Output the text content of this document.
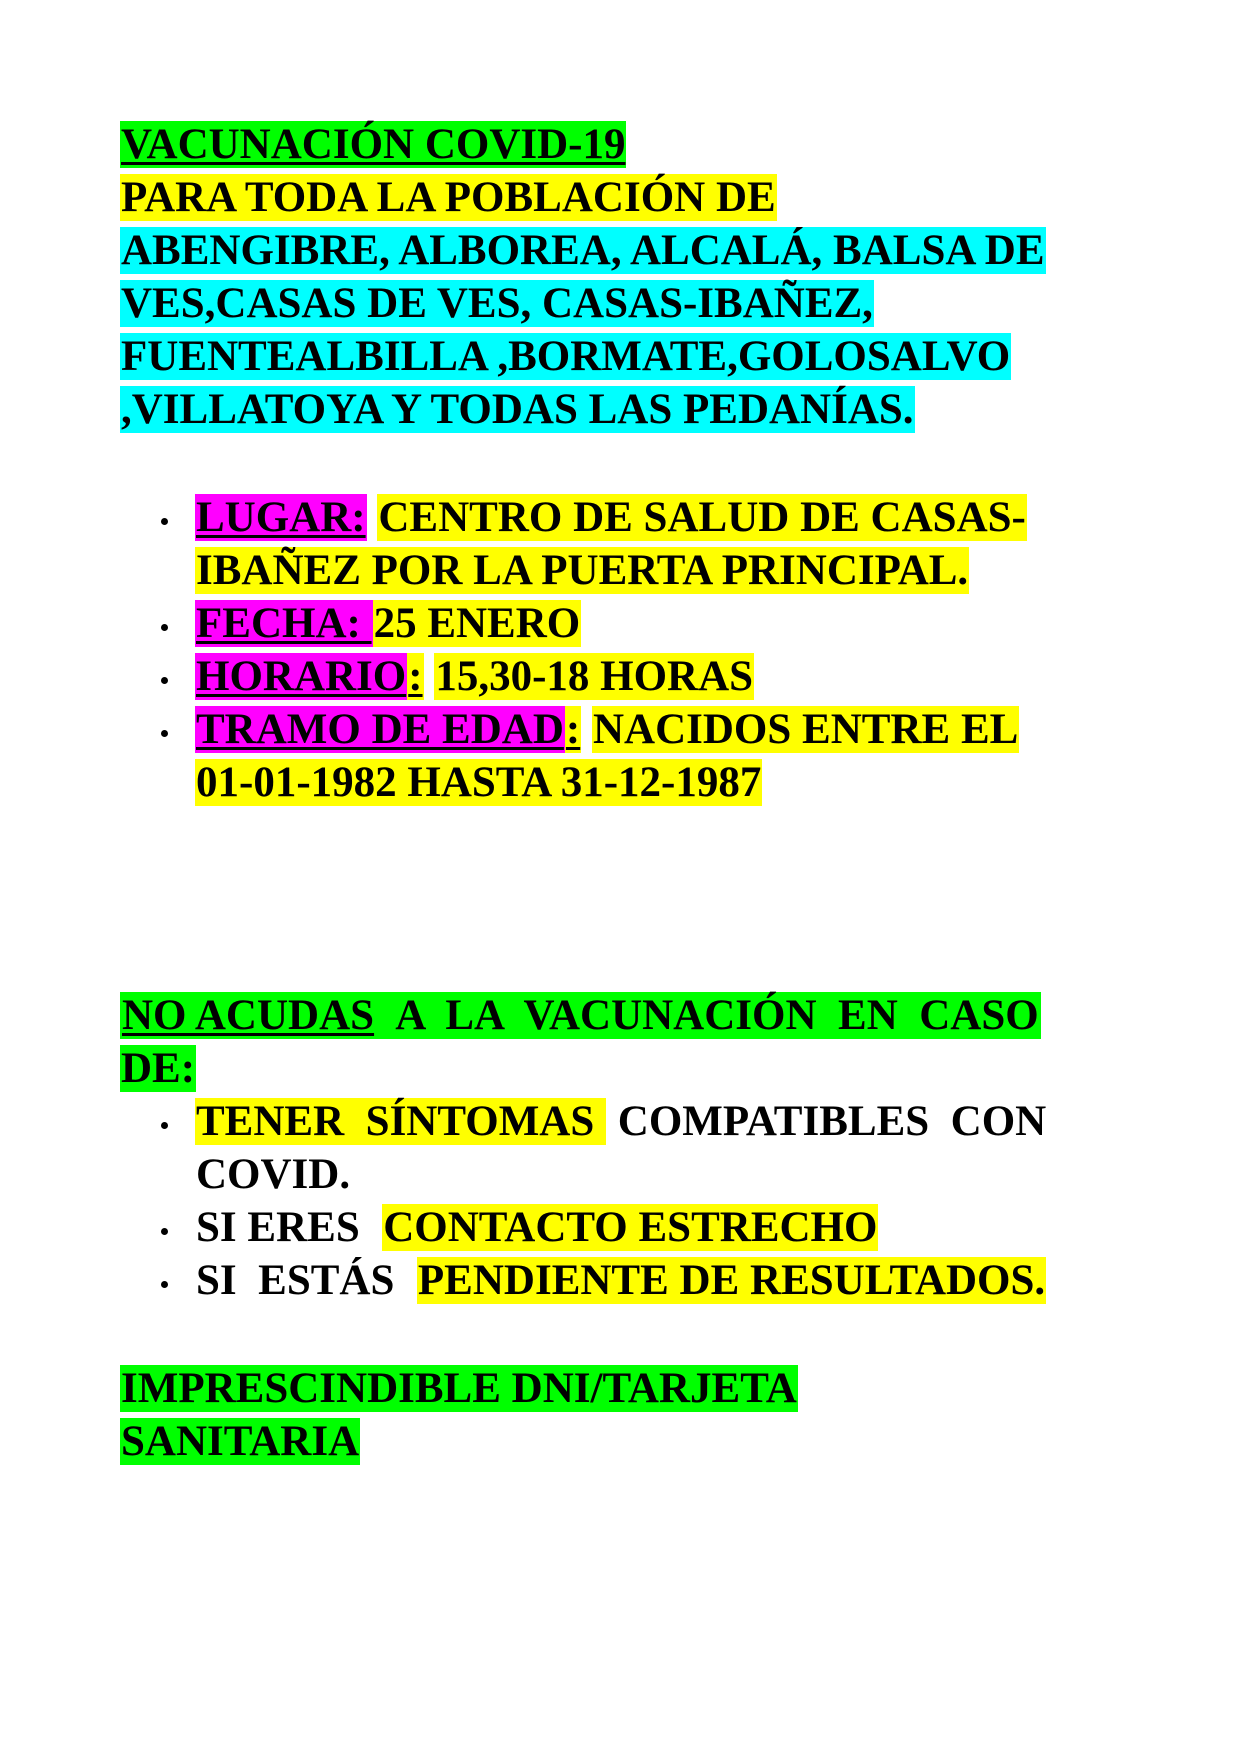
VACUNACIÓN COVID-19
PARA TODA LA POBLACIÓN DE
ABENGIBRE, ALBOREA, ALCALÁ, BALSA DE
VES,CASAS DE VES, CASAS-IBAÑEZ,
FUENTEALBILLA ,BORMATE,GOLOSALVO
,VILLATOYA Y TODAS LAS PEDANÍAS.
LUGAR: CENTRO DE SALUD DE CASAS-
IBAÑEZ POR LA PUERTA PRINCIPAL.
FECHA: 25 ENERO
HORARIO: 15,30-18 HORAS
TRAMO DE EDAD: NACIDOS ENTRE EL
01-01-1982 HASTA 31-12-1987
NO ACUDAS  A  LA  VACUNACIÓN  EN  CASO
DE:
TENER  SÍNTOMAS  COMPATIBLES  CON
COVID.
SI ERES  CONTACTO ESTRECHO
SI  ESTÁS  PENDIENTE DE RESULTADOS.
IMPRESCINDIBLE DNI/TARJETA
SANITARIA
